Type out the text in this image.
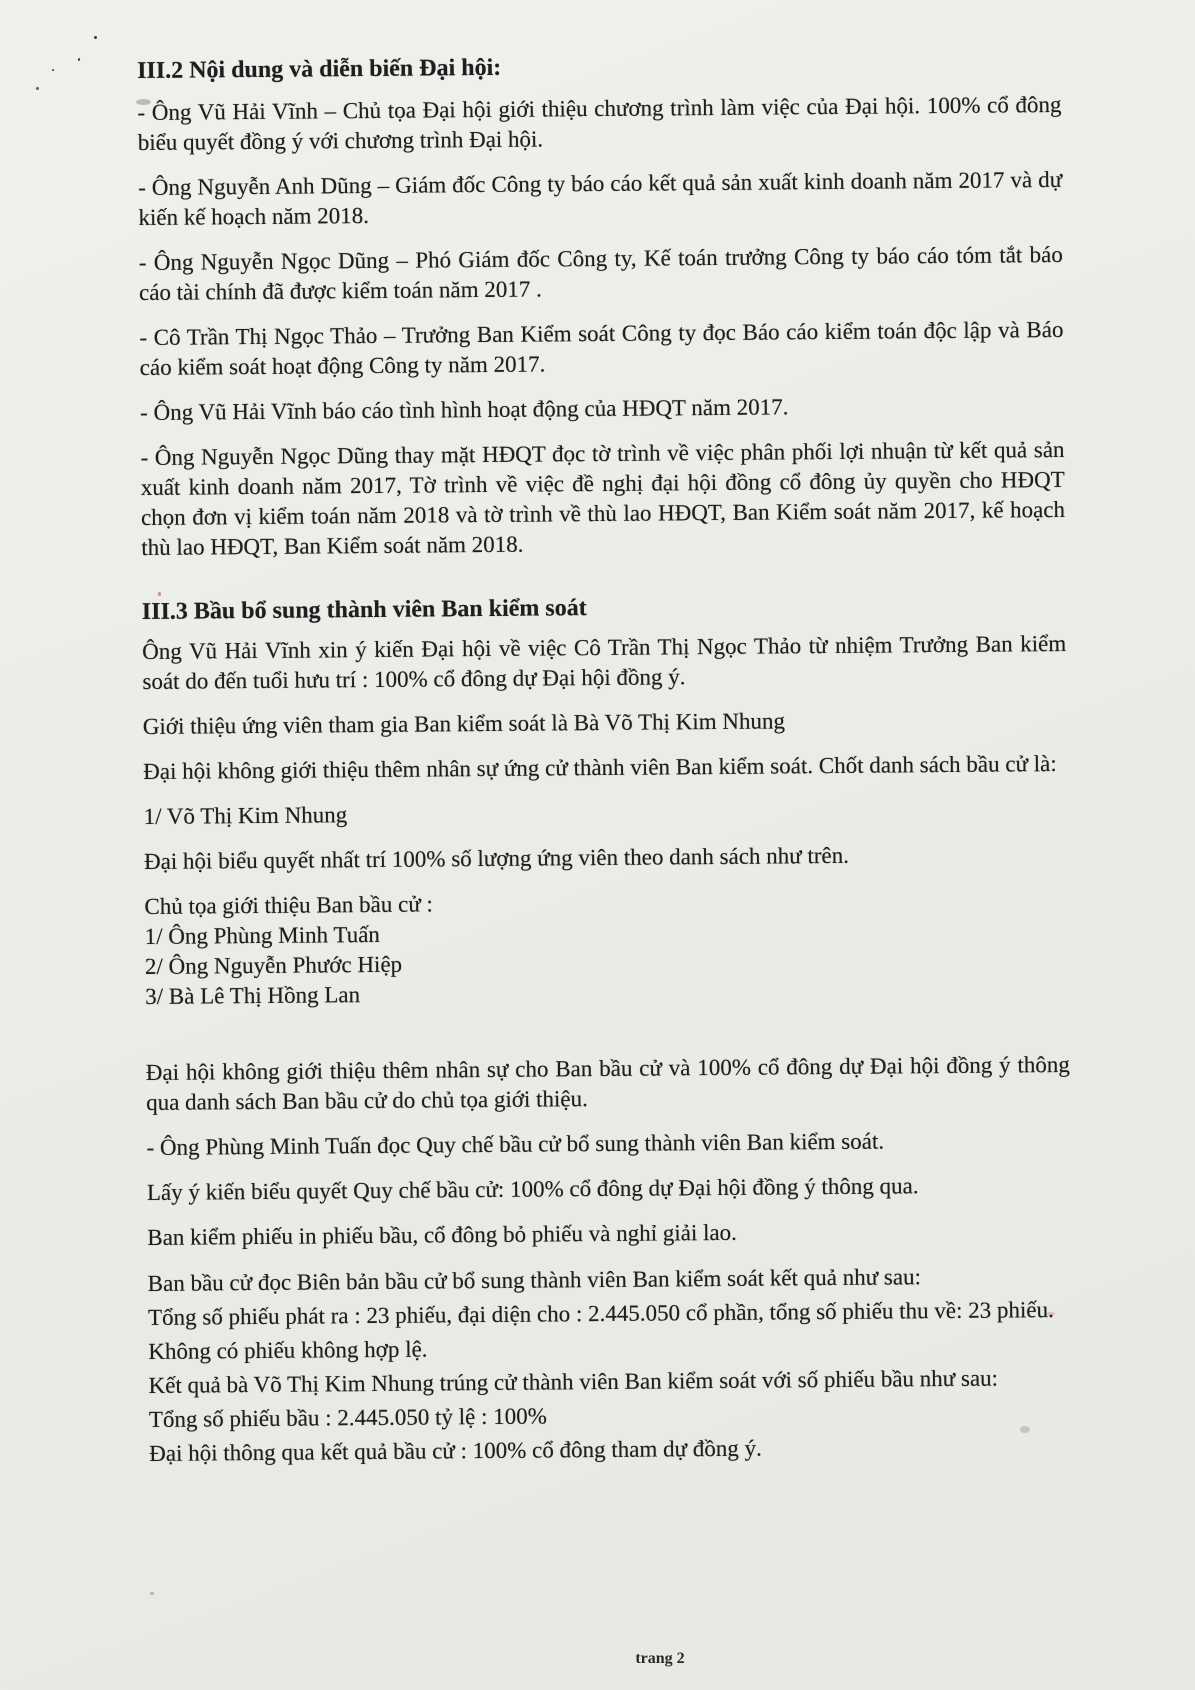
III.2 Nội dung và diễn biến Đại hội:

- Ông Vũ Hải Vĩnh – Chủ tọa Đại hội giới thiệu chương trình làm việc của Đại hội. 100% cổ đông biểu quyết đồng ý với chương trình Đại hội.

- Ông Nguyễn Anh Dũng – Giám đốc Công ty báo cáo kết quả sản xuất kinh doanh năm 2017 và dự kiến kế hoạch năm 2018.

- Ông Nguyễn Ngọc Dũng – Phó Giám đốc Công ty, Kế toán trưởng Công ty báo cáo tóm tắt báo cáo tài chính đã được kiểm toán năm 2017 .

- Cô Trần Thị Ngọc Thảo – Trưởng Ban Kiểm soát Công ty đọc Báo cáo kiểm toán độc lập và Báo cáo kiểm soát hoạt động Công ty năm 2017.

- Ông Vũ Hải Vĩnh báo cáo tình hình hoạt động của HĐQT năm 2017.

- Ông Nguyễn Ngọc Dũng thay mặt HĐQT đọc tờ trình về việc phân phối lợi nhuận từ kết quả sản xuất kinh doanh năm 2017, Tờ trình về việc đề nghị đại hội đồng cổ đông ủy quyền cho HĐQT chọn đơn vị kiểm toán năm 2018 và tờ trình về thù lao HĐQT, Ban Kiểm soát năm 2017, kế hoạch thù lao HĐQT, Ban Kiểm soát năm 2018.

III.3 Bầu bổ sung thành viên Ban kiểm soát

Ông Vũ Hải Vĩnh xin ý kiến Đại hội về việc Cô Trần Thị Ngọc Thảo từ nhiệm Trưởng Ban kiểm soát do đến tuổi hưu trí : 100% cổ đông dự Đại hội đồng ý.

Giới thiệu ứng viên tham gia Ban kiểm soát là Bà Võ Thị Kim Nhung

Đại hội không giới thiệu thêm nhân sự ứng cử thành viên Ban kiểm soát. Chốt danh sách bầu cử là:

1/ Võ Thị Kim Nhung

Đại hội biểu quyết nhất trí 100% số lượng ứng viên theo danh sách như trên.

Chủ tọa giới thiệu Ban bầu cử :

1/ Ông Phùng Minh Tuấn

2/ Ông Nguyễn Phước Hiệp

3/ Bà Lê Thị Hồng Lan

Đại hội không giới thiệu thêm nhân sự cho Ban bầu cử và 100% cổ đông dự Đại hội đồng ý thông qua danh sách Ban bầu cử do chủ tọa giới thiệu.

- Ông Phùng Minh Tuấn đọc Quy chế bầu cử bổ sung thành viên Ban kiểm soát.

Lấy ý kiến biểu quyết Quy chế bầu cử: 100% cổ đông dự Đại hội đồng ý thông qua.

Ban kiểm phiếu in phiếu bầu, cổ đông bỏ phiếu và nghỉ giải lao.

Ban bầu cử đọc Biên bản bầu cử bổ sung thành viên Ban kiểm soát kết quả như sau:

Tổng số phiếu phát ra : 23 phiếu, đại diện cho : 2.445.050 cổ phần, tổng số phiếu thu về: 23 phiếu.

Không có phiếu không hợp lệ.

Kết quả bà Võ Thị Kim Nhung trúng cử thành viên Ban kiểm soát với số phiếu bầu như sau:

Tổng số phiếu bầu : 2.445.050 tỷ lệ : 100%

Đại hội thông qua kết quả bầu cử : 100% cổ đông tham dự đồng ý.

trang 2
